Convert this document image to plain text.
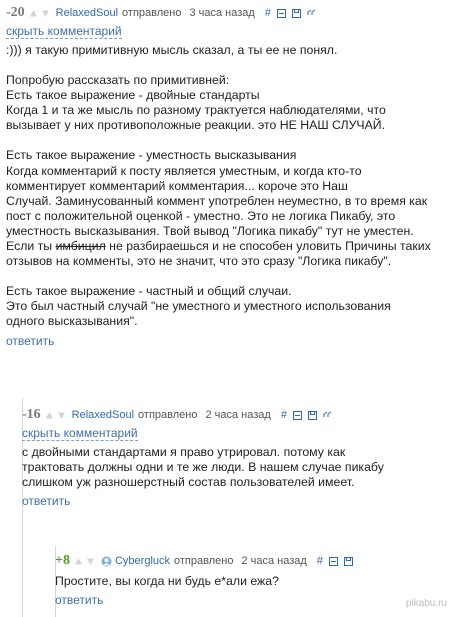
-20	RelaxedSoul отправлено 3 часа назад #
скрыть комментарий

:))) я такую примитивную мысль сказал, а ты ее не понял.

Попробую рассказать по примитивней:

Есть такое выражение - двойные стандарты

Когда 1 и та же мысль по разному трактуется наблюдателями, что

вызывает у них противоположные реакции. это НЕ НАШ СЛУЧАЙ.

Есть такое выражение - уместность высказывания

Когда комментарий к посту является уместным, и когда кто-то

комментирует комментарий комментария... короче это Наш

Случай. Заминусованный коммент употреблен неуместно, в то время как

пост с положительной оценкой - уместно. Это не логика Пикабу, это

уместность высказывания. Твой вывод "Логика пикабу" тут не уместен.

Если ты имбицил не разбираешься и не способен уловить Причины таких

отзывов на комменты, это не значит, что это сразу "Логика пикабу".

Есть такое выражение - частный и общий случаи.

Это был частный случай "не уместного и уместного использования

одного высказывания".

ответить
-16	RelaxedSoul отправлено 2 часа назад #
скрыть комментарий

с двойными стандартами я право утрировал. потому как

трактовать должны одни и те же люди. В нашем случае пикабу

слишком уж разношерстный состав пользователей имеет.

ответить
+8	Cybergluck отправлено 2 часа назад #

Простите, вы когда ни будь е*али ежа?

ответить	pikabu.ru
